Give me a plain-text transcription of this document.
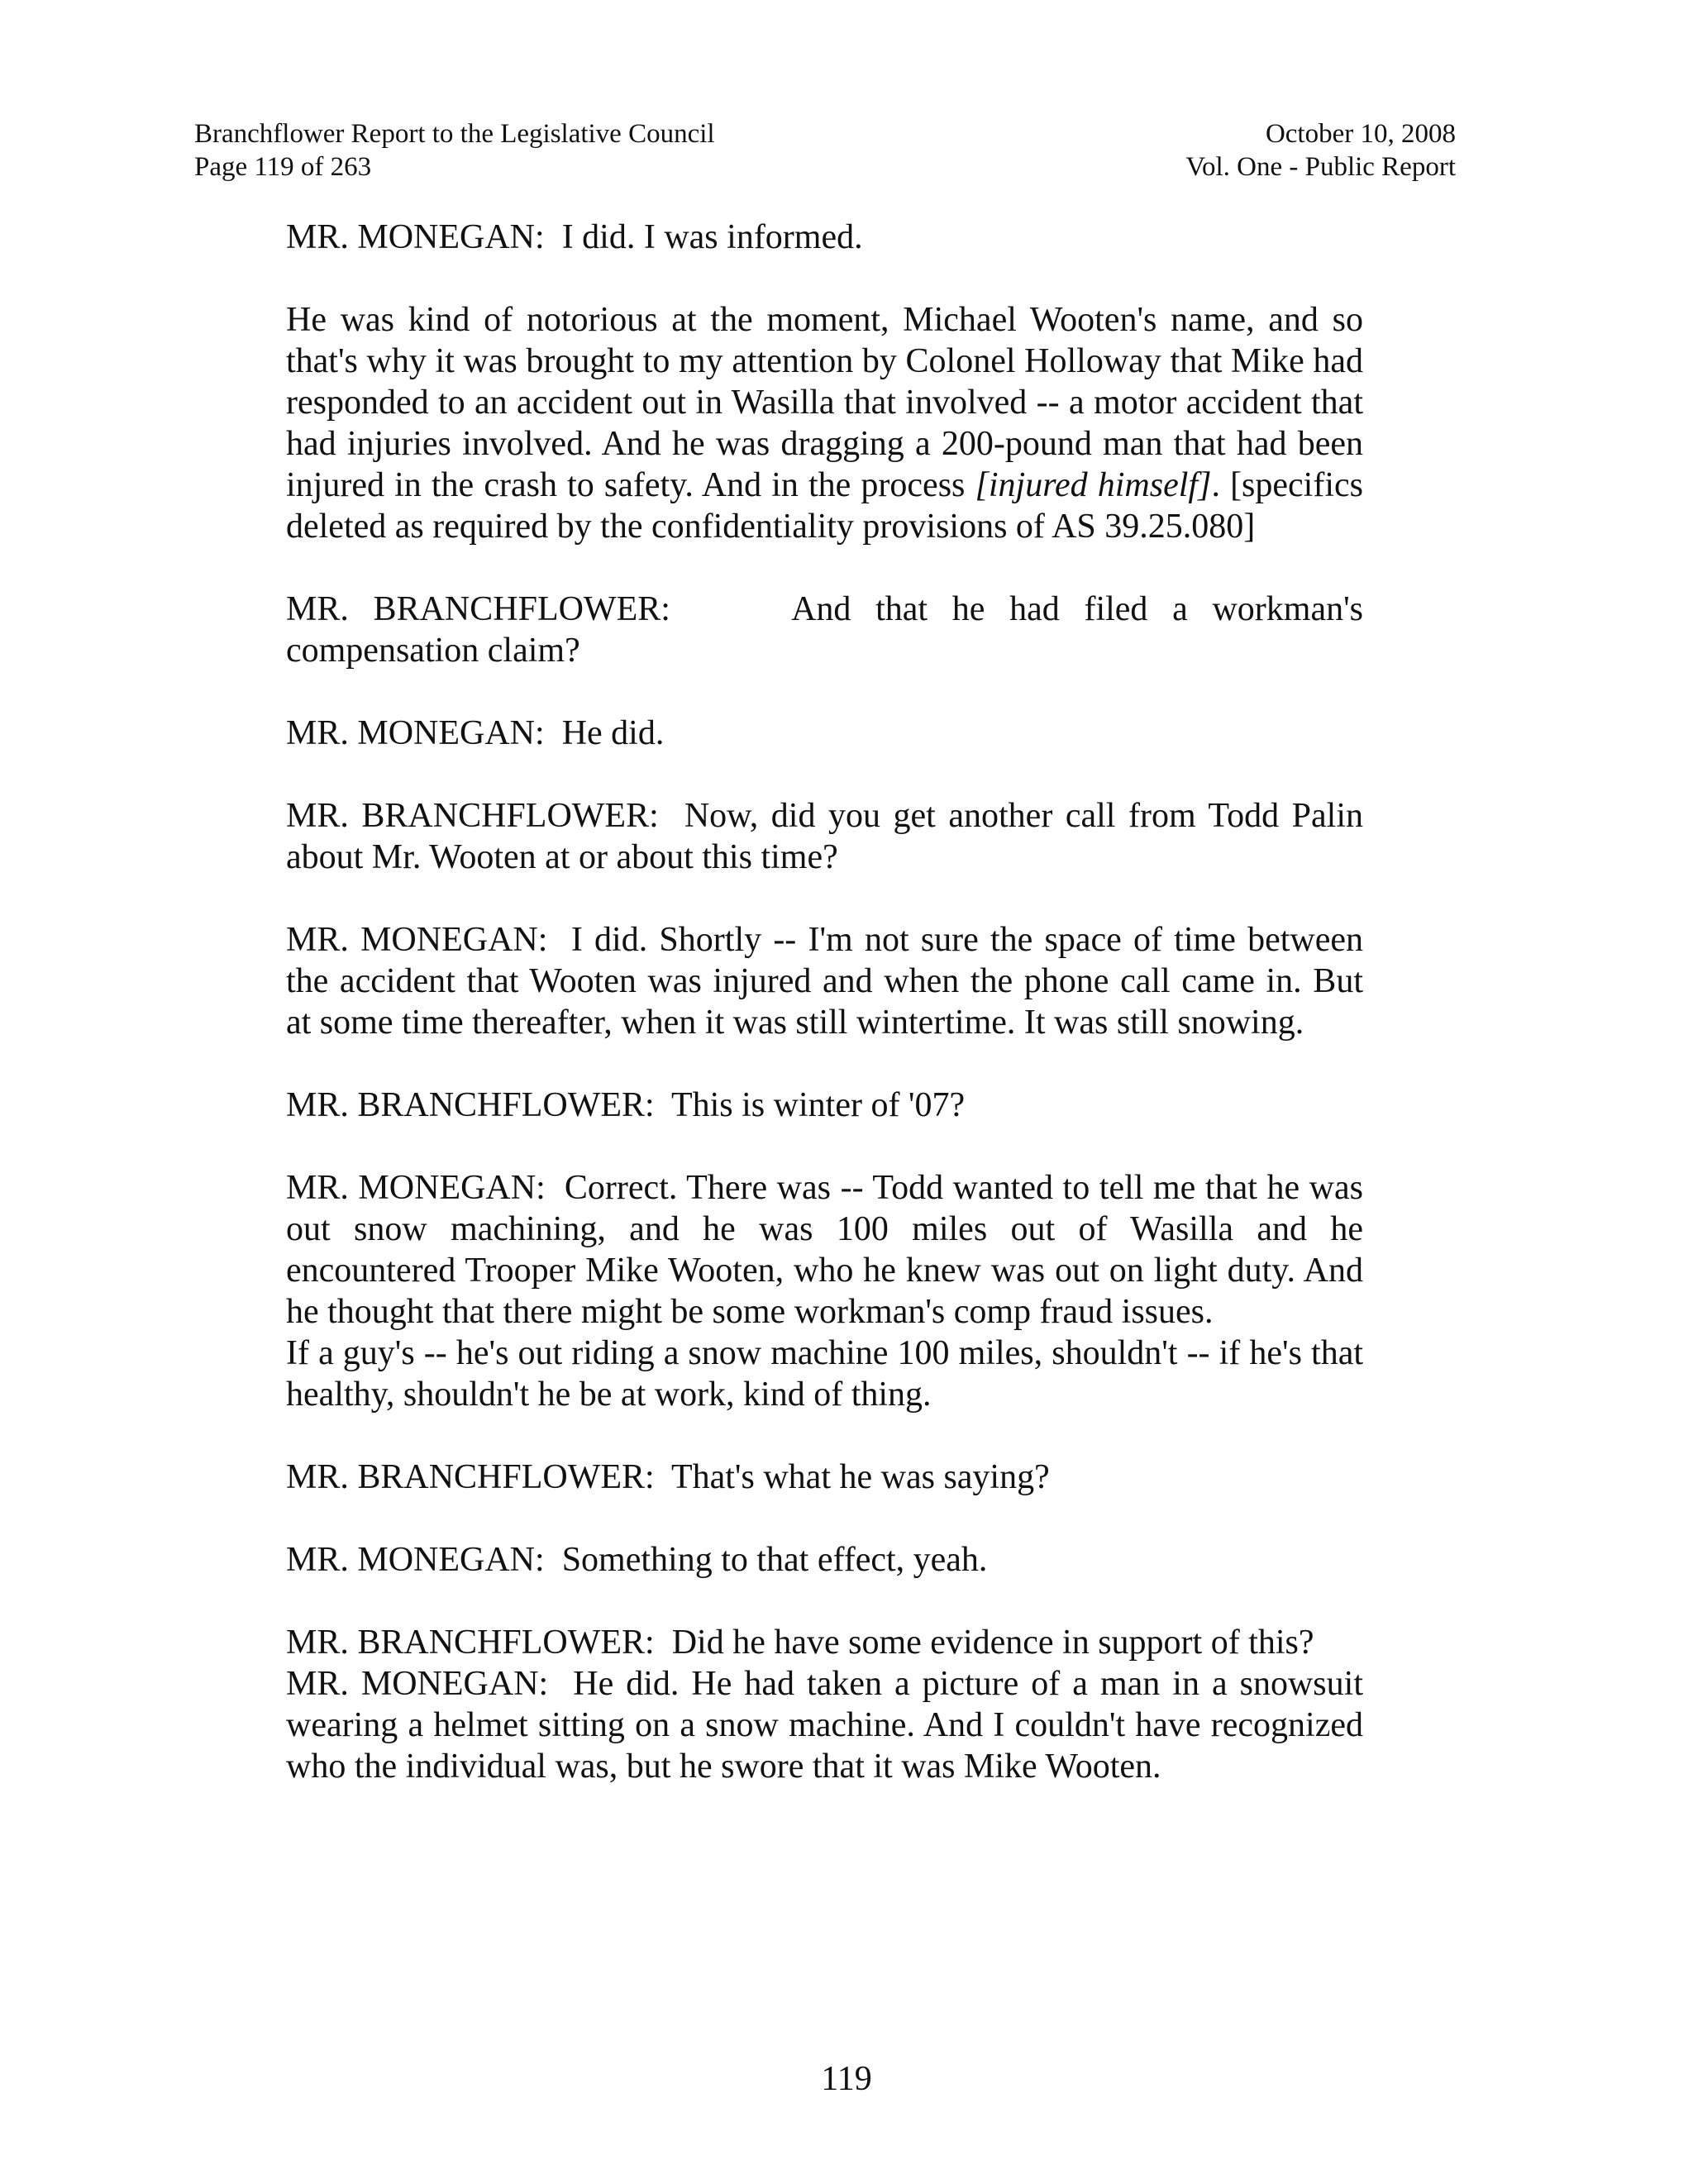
Branchflower Report to the Legislative Council
Page 119 of 263
October 10, 2008
Vol. One - Public Report

MR. MONEGAN: I did. I was informed.

He was kind of notorious at the moment, Michael Wooten's name, and so that's why it was brought to my attention by Colonel Holloway that Mike had responded to an accident out in Wasilla that involved -- a motor accident that had injuries involved. And he was dragging a 200-pound man that had been injured in the crash to safety. And in the process [injured himself]. [specifics deleted as required by the confidentiality provisions of AS 39.25.080]

MR. BRANCHFLOWER:	And that he had filed a workman's compensation claim?

MR. MONEGAN: He did.

MR. BRANCHFLOWER: Now, did you get another call from Todd Palin about Mr. Wooten at or about this time?

MR. MONEGAN: I did. Shortly -- I'm not sure the space of time between the accident that Wooten was injured and when the phone call came in. But at some time thereafter, when it was still wintertime. It was still snowing.

MR. BRANCHFLOWER: This is winter of '07?

MR. MONEGAN: Correct. There was -- Todd wanted to tell me that he was out snow machining, and he was 100 miles out of Wasilla and he encountered Trooper Mike Wooten, who he knew was out on light duty. And he thought that there might be some workman's comp fraud issues.

If a guy's -- he's out riding a snow machine 100 miles, shouldn't -- if he's that healthy, shouldn't he be at work, kind of thing.

MR. BRANCHFLOWER: That's what he was saying?

MR. MONEGAN: Something to that effect, yeah.

MR. BRANCHFLOWER: Did he have some evidence in support of this?

MR. MONEGAN: He did. He had taken a picture of a man in a snowsuit wearing a helmet sitting on a snow machine. And I couldn't have recognized who the individual was, but he swore that it was Mike Wooten.

119
